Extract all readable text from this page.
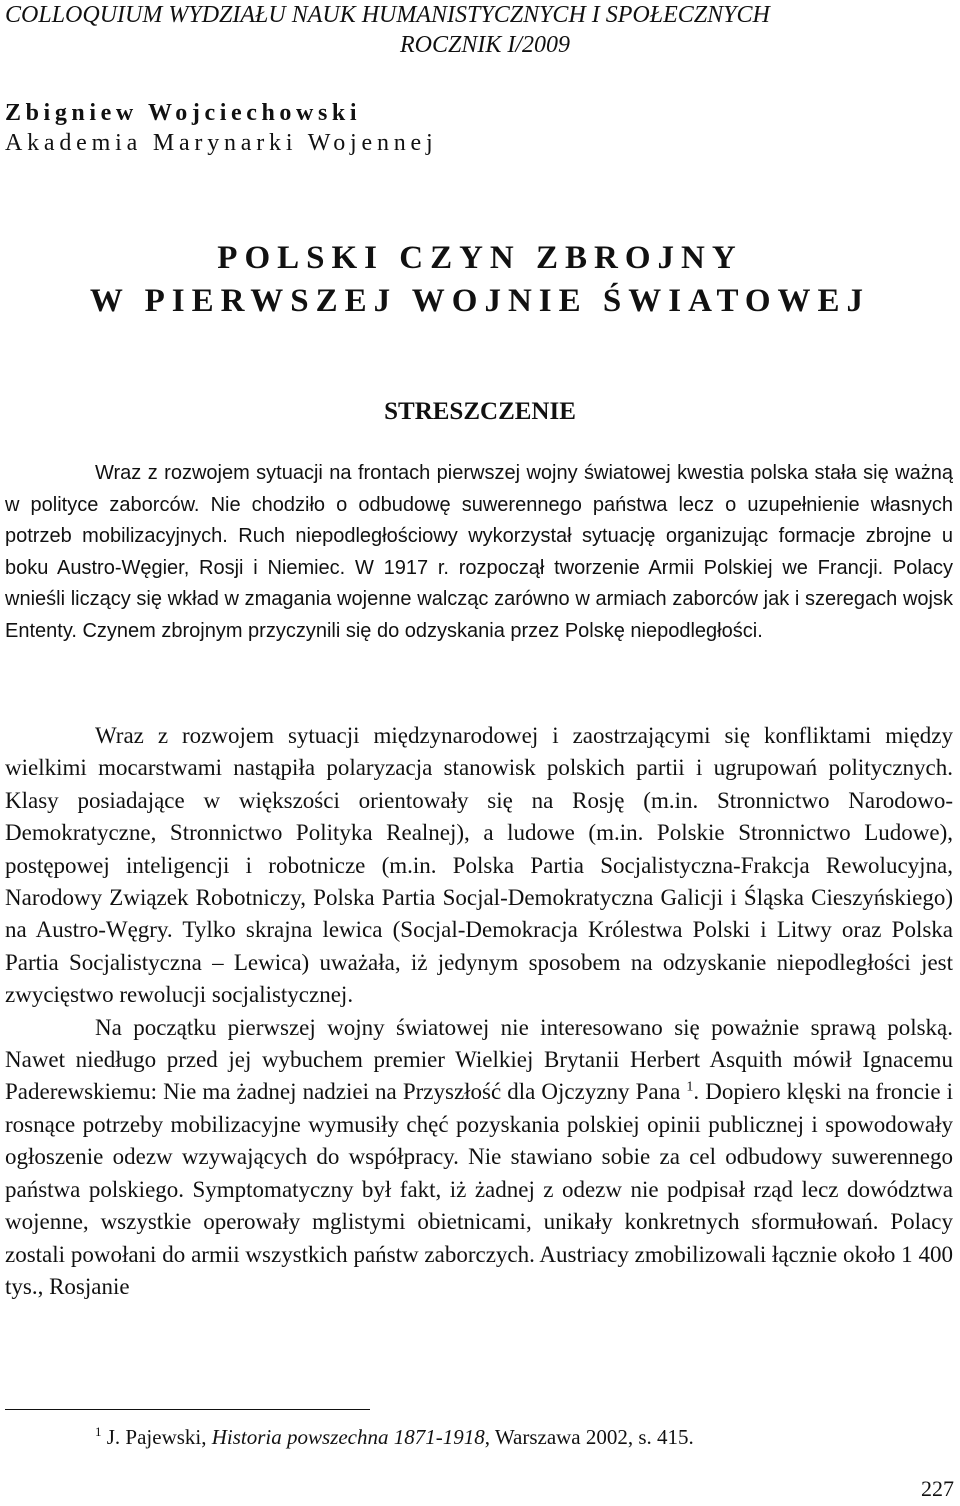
COLLOQUIUM WYDZIAŁU NAUK HUMANISTYCZNYCH I SPOŁECZNYCH
ROCZNIK I/2009
Zbigniew Wojciechowski
Akademia Marynarki Wojennej
POLSKI CZYN ZBROJNY
W PIERWSZEJ WOJNIE ŚWIATOWEJ
STRESZCZENIE
Wraz z rozwojem sytuacji na frontach pierwszej wojny światowej kwestia polska stała się ważną w polityce zaborców. Nie chodziło o odbudowę suwerennego państwa lecz o uzupełnienie własnych potrzeb mobilizacyjnych. Ruch niepodległościowy wykorzystał sytuację organizując formacje zbrojne u boku Austro-Węgier, Rosji i Niemiec. W 1917 r. rozpoczął tworzenie Armii Polskiej we Francji. Polacy wnieśli liczący się wkład w zmagania wojenne walcząc zarówno w armiach zaborców jak i szeregach wojsk Ententy. Czynem zbrojnym przyczynili się do odzyskania przez Polskę niepodległości.

Wraz z rozwojem sytuacji międzynarodowej i zaostrzającymi się konfliktami między wielkimi mocarstwami nastąpiła polaryzacja stanowisk polskich partii i ugrupowań politycznych. Klasy posiadające w większości orientowały się na Rosję (m.in. Stronnictwo Narodowo-Demokratyczne, Stronnictwo Polityka Realnej), a ludowe (m.in. Polskie Stronnictwo Ludowe), postępowej inteligencji i robotnicze (m.in. Polska Partia Socjalistyczna-Frakcja Rewolucyjna, Narodowy Związek Robotniczy, Polska Partia Socjal-Demokratyczna Galicji i Śląska Cieszyńskiego) na Austro-Węgry. Tylko skrajna lewica (Socjal-Demokracja Królestwa Polski i Litwy oraz Polska Partia Socjalistyczna – Lewica) uważała, iż jedynym sposobem na odzyskanie niepodległości jest zwycięstwo rewolucji socjalistycznej.

Na początku pierwszej wojny światowej nie interesowano się poważnie sprawą polską. Nawet niedługo przed jej wybuchem premier Wielkiej Brytanii Herbert Asquith mówił Ignacemu Paderewskiemu: Nie ma żadnej nadziei na Przyszłość dla Ojczyzny Pana $^1$. Dopiero klęski na froncie i rosnące potrzeby mobilizacyjne wymusiły chęć pozyskania polskiej opinii publicznej i spowodowały ogłoszenie odezw wzywających do współpracy. Nie stawiano sobie za cel odbudowy suwerennego państwa polskiego. Symptomatyczny był fakt, iż żadnej z odezw nie podpisał rząd lecz dowództwa wojenne, wszystkie operowały mglistymi obietnicami, unikały konkretnych sformułowań. Polacy zostali powołani do armii wszystkich państw zaborczych. Austriacy zmobilizowali łącznie około 1 400 tys., Rosjanie

$^1$ J. Pajewski, Historia powszechna 1871-1918, Warszawa 2002, s. 415.
227
